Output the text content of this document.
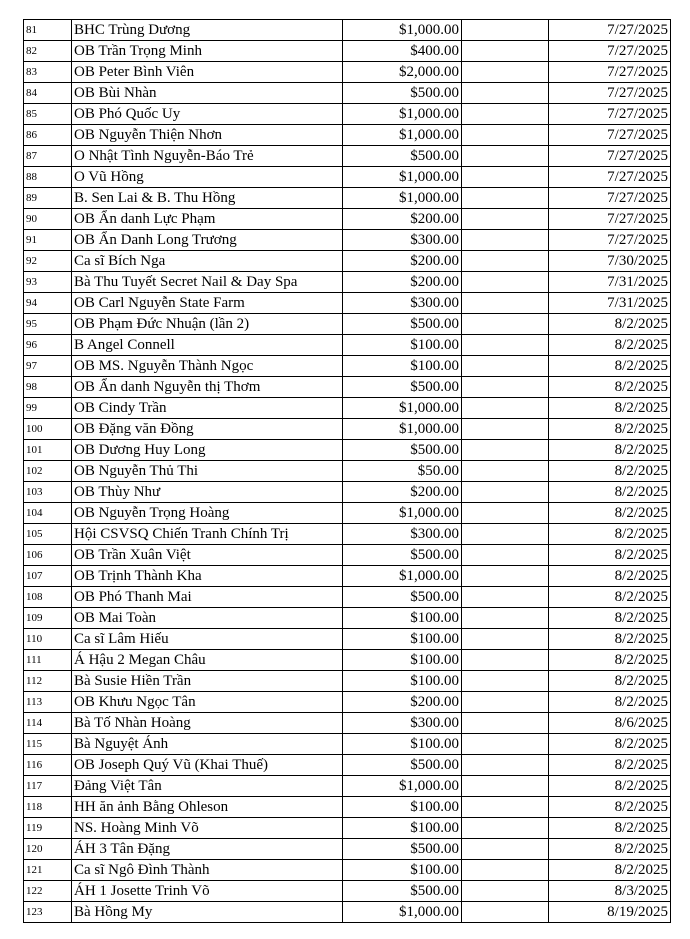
81	BHC Trùng Dương	$1,000.00		7/27/2025
82	OB Trần Trọng Minh	$400.00		7/27/2025
83	OB Peter Bình Viên	$2,000.00		7/27/2025
84	OB Bùi Nhàn	$500.00		7/27/2025
85	OB Phó Quốc Uy	$1,000.00		7/27/2025
86	OB Nguyễn Thiện Nhơn	$1,000.00		7/27/2025
87	O Nhật Tình Nguyễn-Báo Trẻ	$500.00		7/27/2025
88	O Vũ Hồng	$1,000.00		7/27/2025
89	B. Sen Lai & B. Thu Hồng	$1,000.00		7/27/2025
90	OB Ẩn danh Lực Phạm	$200.00		7/27/2025
91	OB Ẩn Danh Long Trương	$300.00		7/27/2025
92	Ca sĩ Bích Nga	$200.00		7/30/2025
93	Bà Thu Tuyết Secret Nail & Day Spa	$200.00		7/31/2025
94	OB Carl Nguyễn State Farm	$300.00		7/31/2025
95	OB Phạm Đức Nhuận (lần 2)	$500.00		8/2/2025
96	B Angel Connell	$100.00		8/2/2025
97	OB MS. Nguyễn Thành Ngọc	$100.00		8/2/2025
98	OB Ẩn danh Nguyễn thị Thơm	$500.00		8/2/2025
99	OB Cindy Trần	$1,000.00		8/2/2025
100	OB Đặng văn Đồng	$1,000.00		8/2/2025
101	OB Dương Huy Long	$500.00		8/2/2025
102	OB Nguyễn Thủ Thi	$50.00		8/2/2025
103	OB Thùy Như	$200.00		8/2/2025
104	OB Nguyễn Trọng Hoàng	$1,000.00		8/2/2025
105	Hội CSVSQ Chiến Tranh Chính Trị	$300.00		8/2/2025
106	OB Trần Xuân Việt	$500.00		8/2/2025
107	OB Trịnh Thành Kha	$1,000.00		8/2/2025
108	OB Phó Thanh Mai	$500.00		8/2/2025
109	OB Mai Toàn	$100.00		8/2/2025
110	Ca sĩ Lâm Hiếu	$100.00		8/2/2025
111	Á Hậu 2 Megan Châu	$100.00		8/2/2025
112	Bà Susie Hiền Trần	$100.00		8/2/2025
113	OB Khưu Ngọc Tân	$200.00		8/2/2025
114	Bà Tố Nhàn Hoàng	$300.00		8/6/2025
115	Bà Nguyệt Ánh	$100.00		8/2/2025
116	OB Joseph Quý Vũ (Khai Thuế)	$500.00		8/2/2025
117	Đảng Việt Tân	$1,000.00		8/2/2025
118	HH ăn ảnh Bằng Ohleson	$100.00		8/2/2025
119	NS. Hoàng Minh Võ	$100.00		8/2/2025
120	ÁH 3 Tân Đặng	$500.00		8/2/2025
121	Ca sĩ Ngô Đình Thành	$100.00		8/2/2025
122	ÁH 1 Josette Trinh Võ	$500.00		8/3/2025
123	Bà Hồng My	$1,000.00		8/19/2025
